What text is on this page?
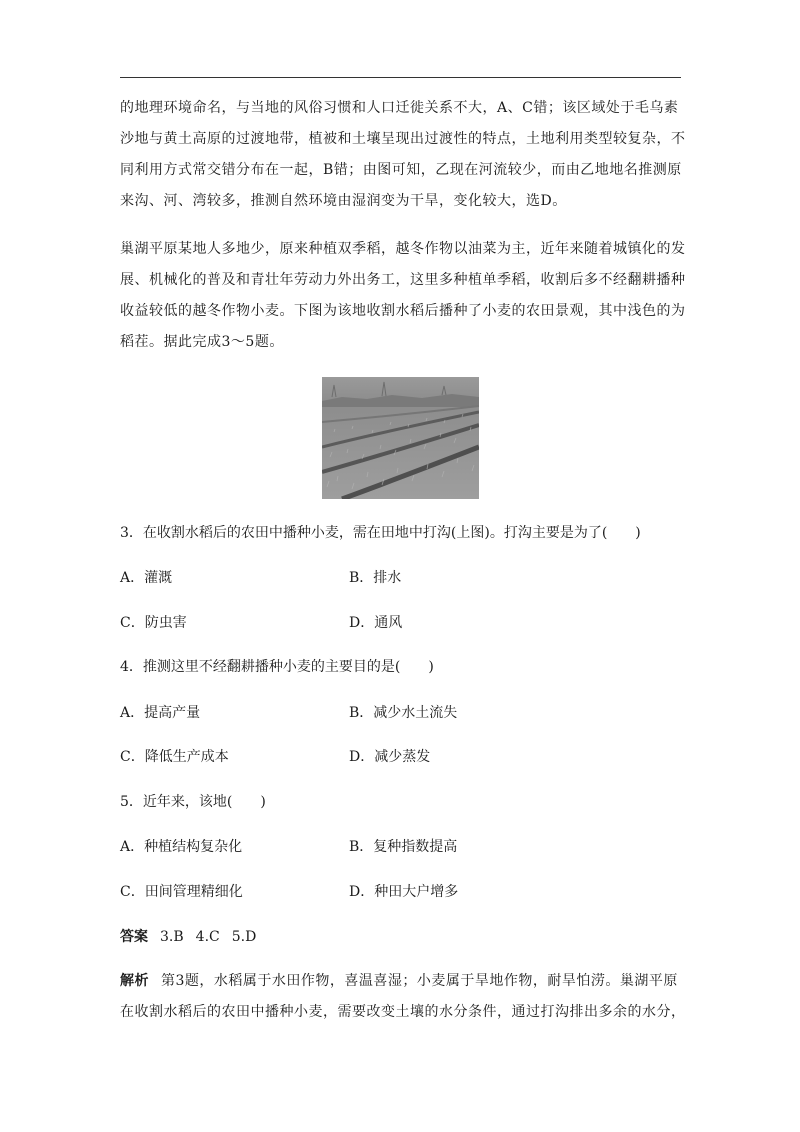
的地理环境命名，与当地的风俗习惯和人口迁徙关系不大，A、C错；该区域处于毛乌素
沙地与黄土高原的过渡地带，植被和土壤呈现出过渡性的特点，土地利用类型较复杂，不
同利用方式常交错分布在一起，B错；由图可知，乙现在河流较少，而由乙地地名推测原
来沟、河、湾较多，推测自然环境由湿润变为干旱，变化较大，选D。
巢湖平原某地人多地少，原来种植双季稻，越冬作物以油菜为主，近年来随着城镇化的发
展、机械化的普及和青壮年劳动力外出务工，这里多种植单季稻，收割后多不经翻耕播种
收益较低的越冬作物小麦。下图为该地收割水稻后播种了小麦的农田景观，其中浅色的为
稻茬。据此完成3～5题。
3．在收割水稻后的农田中播种小麦，需在田地中打沟(上图)。打沟主要是为了(　　)
A．灌溉	B．排水
C．防虫害	D．通风
4．推测这里不经翻耕播种小麦的主要目的是(　　)
A．提高产量	B．减少水土流失
C．降低生产成本	D．减少蒸发
5．近年来，该地(　　)
A．种植结构复杂化	B．复种指数提高
C．田间管理精细化	D．种田大户增多
答案 3.B 4.C 5.D
解析 第3题，水稻属于水田作物，喜温喜湿；小麦属于旱地作物，耐旱怕涝。巢湖平原
在收割水稻后的农田中播种小麦，需要改变土壤的水分条件，通过打沟排出多余的水分，
